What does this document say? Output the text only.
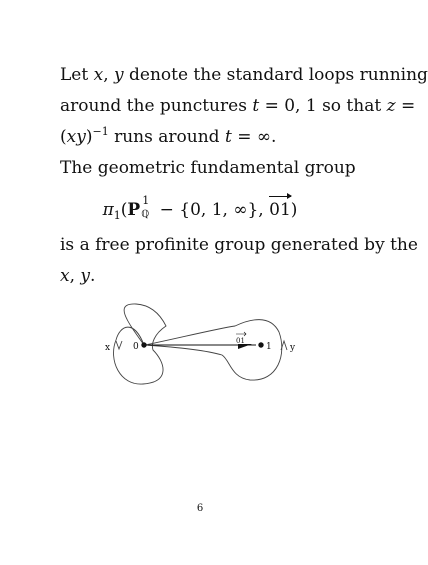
Let x, y denote the standard loops running
around the punctures t = 0, 1 so that z =
(xy)$^{-1}$ runs around t = ∞.
The geometric fundamental group
$\pi_1(P$ 1
ℚ − {0, 1, ∞}, 01)
is a free profinite group generated by the
x, y.
x	0
01
1 y
6
